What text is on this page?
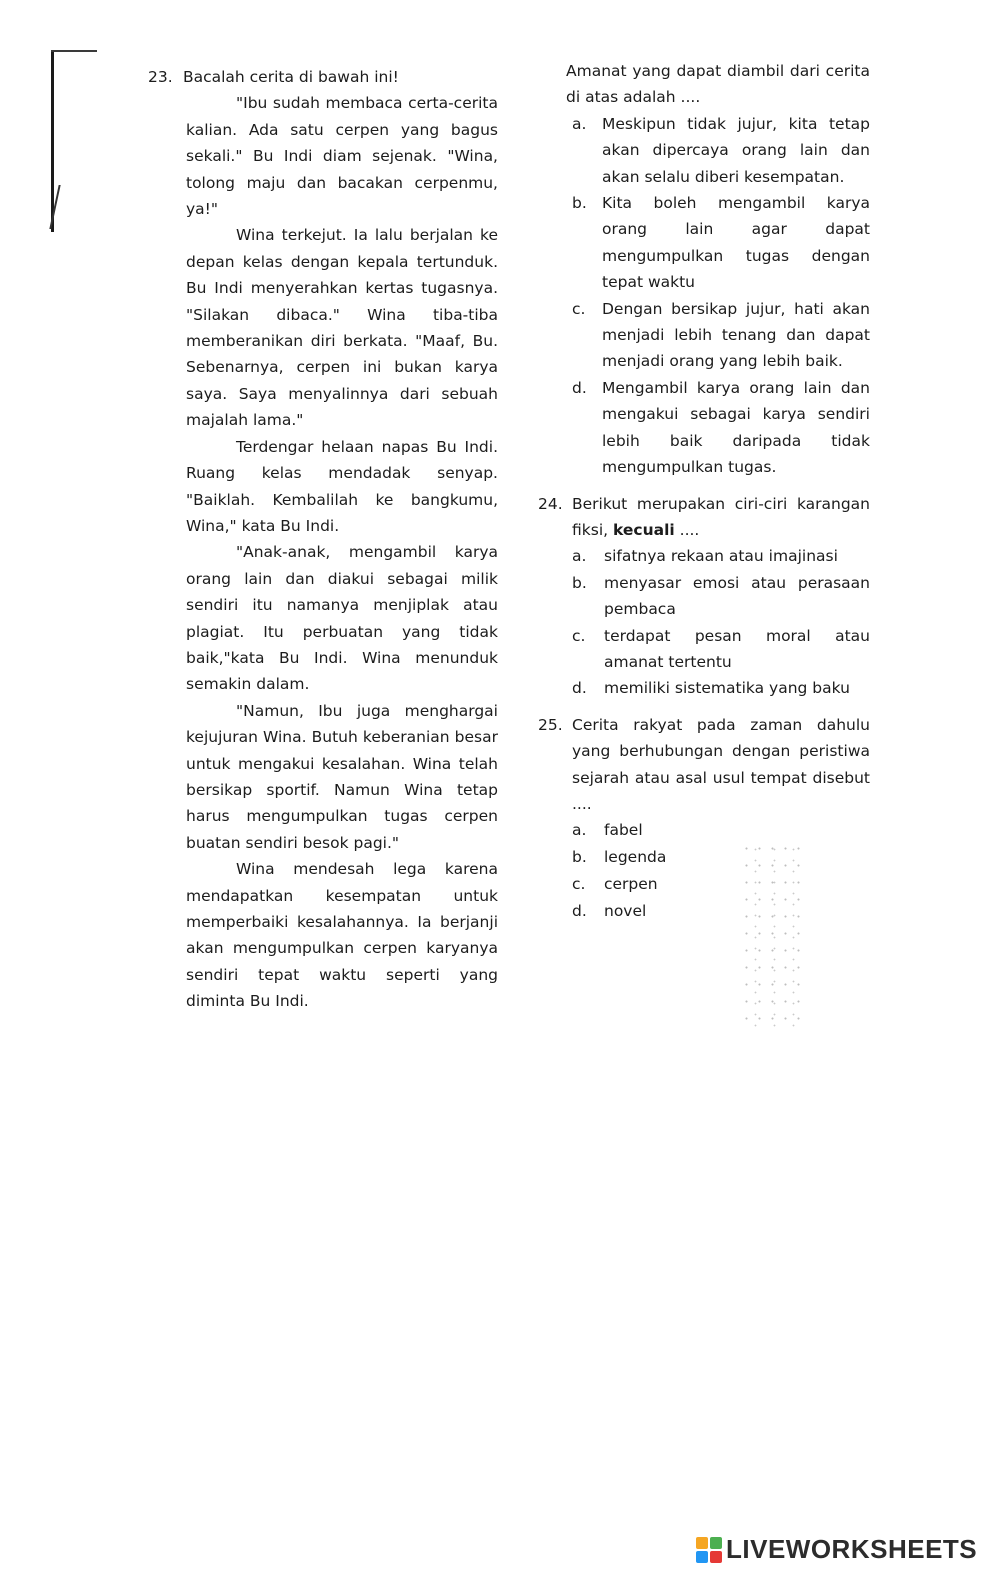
23. Bacalah cerita di bawah ini!

"Ibu sudah membaca certa-cerita kalian. Ada satu cerpen yang bagus sekali." Bu Indi diam sejenak. "Wina, tolong maju dan bacakan cerpenmu, ya!"

Wina terkejut. Ia lalu berjalan ke depan kelas dengan kepala tertunduk. Bu Indi menyerahkan kertas tugasnya. "Silakan dibaca." Wina tiba-tiba memberanikan diri berkata. "Maaf, Bu. Sebenarnya, cerpen ini bukan karya saya. Saya menyalinnya dari sebuah majalah lama."

Terdengar helaan napas Bu Indi. Ruang kelas mendadak senyap. "Baiklah. Kembalilah ke bangkumu, Wina," kata Bu Indi.

"Anak-anak, mengambil karya orang lain dan diakui sebagai milik sendiri itu namanya menjiplak atau plagiat. Itu perbuatan yang tidak baik,"kata Bu Indi. Wina menunduk semakin dalam.

"Namun, Ibu juga menghargai kejujuran Wina. Butuh keberanian besar untuk mengakui kesalahan. Wina telah bersikap sportif. Namun Wina tetap harus mengumpulkan tugas cerpen buatan sendiri besok pagi."

Wina mendesah lega karena mendapatkan kesempatan untuk memperbaiki kesalahannya. Ia berjanji akan mengumpulkan cerpen karyanya sendiri tepat waktu seperti yang diminta Bu Indi.

Amanat yang dapat diambil dari cerita di atas adalah ....
a.	Meskipun tidak jujur, kita tetap akan dipercaya orang lain dan akan selalu diberi kesempatan.
b. Kita boleh mengambil karya orang lain agar dapat mengumpulkan tugas dengan tepat waktu
c.	Dengan bersikap jujur, hati akan menjadi lebih tenang dan dapat menjadi orang yang lebih baik.
d. Mengambil karya orang lain dan mengakui sebagai karya sendiri lebih baik daripada tidak mengumpulkan tugas.
24. Berikut merupakan ciri-ciri karangan fiksi, kecuali ....
a.	sifatnya rekaan atau imajinasi
b.	menyasar emosi atau perasaan pembaca
c.	terdapat pesan moral atau amanat tertentu
d.	memiliki sistematika yang baku
25. Cerita rakyat pada zaman dahulu yang berhubungan dengan peristiwa sejarah atau asal usul tempat disebut ....
a.	fabel
b.	legenda
c.	cerpen
d.	novel
LIVEWORKSHEETS
